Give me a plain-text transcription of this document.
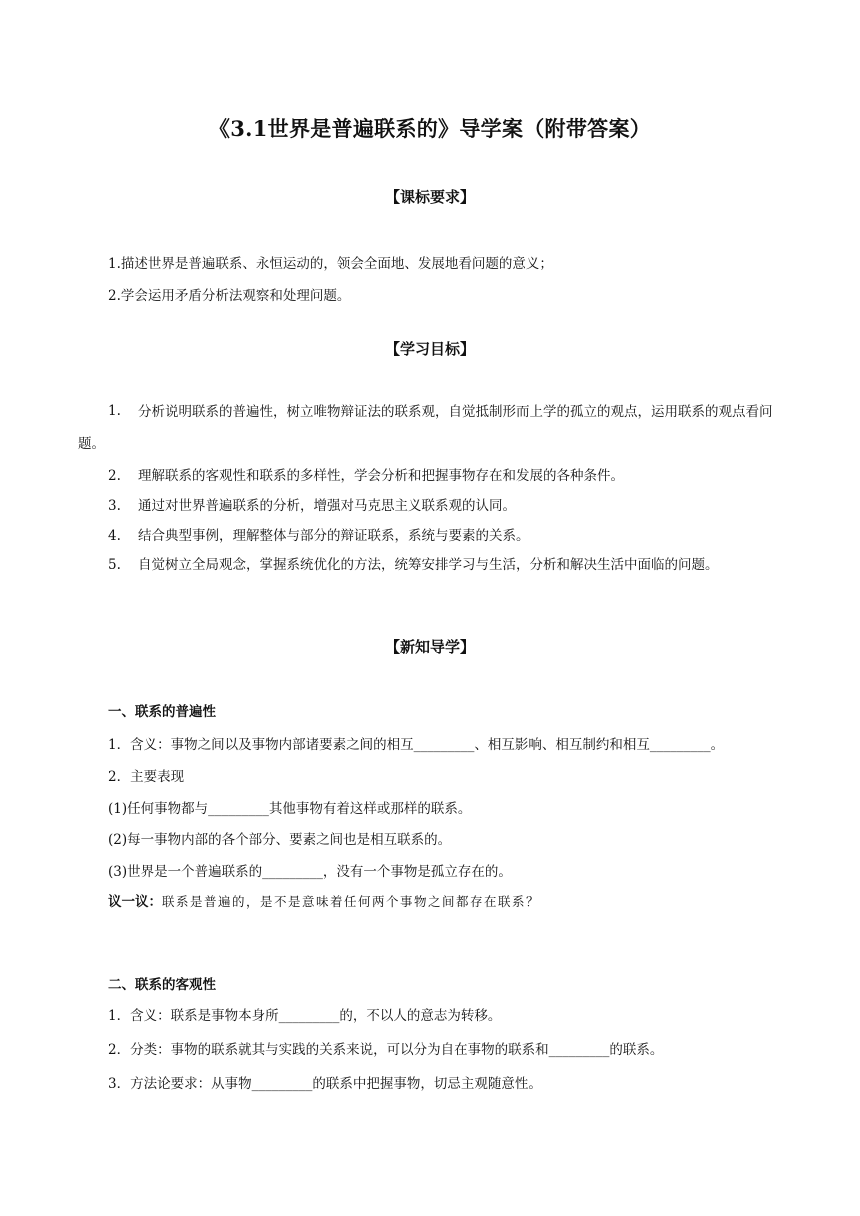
《3.1世界是普遍联系的》导学案（附带答案）
【课标要求】
1.描述世界是普遍联系、永恒运动的，领会全面地、发展地看问题的意义；
2.学会运用矛盾分析法观察和处理问题。
【学习目标】
1.	分析说明联系的普遍性，树立唯物辩证法的联系观，自觉抵制形而上学的孤立的观点，运用联系的观点看问题。
2. 理解联系的客观性和联系的多样性，学会分析和把握事物存在和发展的各种条件。
3. 通过对世界普遍联系的分析，增强对马克思主义联系观的认同。
4. 结合典型事例，理解整体与部分的辩证联系，系统与要素的关系。
5. 自觉树立全局观念，掌握系统优化的方法，统筹安排学习与生活，分析和解决生活中面临的问题。
【新知导学】
一、联系的普遍性
1．含义：事物之间以及事物内部诸要素之间的相互_________、相互影响、相互制约和相互_________。
2．主要表现
(1)任何事物都与_________其他事物有着这样或那样的联系。
(2)每一事物内部的各个部分、要素之间也是相互联系的。
(3)世界是一个普遍联系的_________，没有一个事物是孤立存在的。
议一议：联系是普遍的，是不是意味着任何两个事物之间都存在联系？
二、联系的客观性
1．含义：联系是事物本身所_________的，不以人的意志为转移。
2．分类：事物的联系就其与实践的关系来说，可以分为自在事物的联系和_________的联系。
3．方法论要求：从事物_________的联系中把握事物，切忌主观随意性。
